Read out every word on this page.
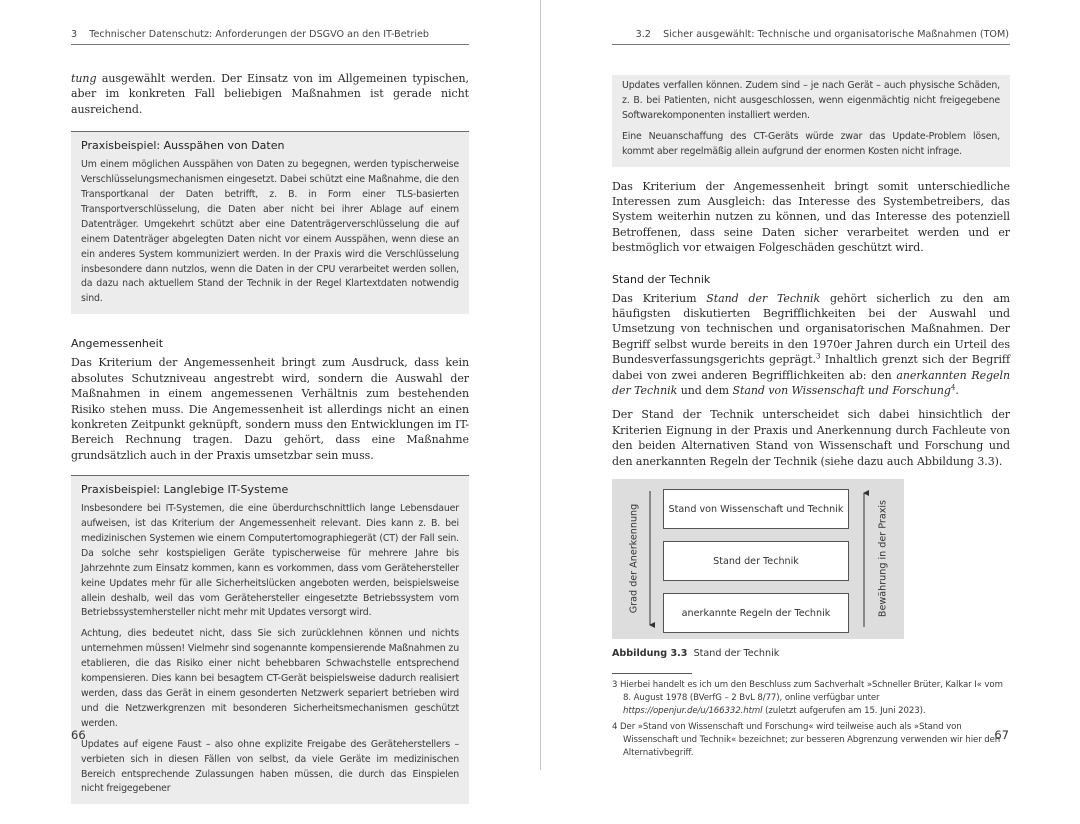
3    Technischer Datenschutz: Anforderungen der DSGVO an den IT-Betrieb

tung ausgewählt werden. Der Einsatz von im Allgemeinen typischen, aber im konkreten Fall beliebigen Maßnahmen ist gerade nicht ausreichend.

Praxisbeispiel: Ausspähen von Daten

Um einem möglichen Ausspähen von Daten zu begegnen, werden typischerweise Verschlüsselungsmechanismen eingesetzt. Dabei schützt eine Maßnahme, die den Transportkanal der Daten betrifft, z. B. in Form einer TLS-basierten Transportverschlüsselung, die Daten aber nicht bei ihrer Ablage auf einem Datenträger. Umgekehrt schützt aber eine Datenträgerverschlüsselung die auf einem Datenträger abgelegten Daten nicht vor einem Ausspähen, wenn diese an ein anderes System kommuniziert werden. In der Praxis wird die Verschlüsselung insbesondere dann nutzlos, wenn die Daten in der CPU verarbeitet werden sollen, da dazu nach aktuellem Stand der Technik in der Regel Klartextdaten notwendig sind.

Angemessenheit

Das Kriterium der Angemessenheit bringt zum Ausdruck, dass kein absolutes Schutzniveau angestrebt wird, sondern die Auswahl der Maßnahmen in einem angemessenen Verhältnis zum bestehenden Risiko stehen muss. Die Angemessenheit ist allerdings nicht an einen konkreten Zeitpunkt geknüpft, sondern muss den Entwicklungen im IT-Bereich Rechnung tragen. Dazu gehört, dass eine Maßnahme grundsätzlich auch in der Praxis umsetzbar sein muss.

Praxisbeispiel: Langlebige IT-Systeme

Insbesondere bei IT-Systemen, die eine überdurchschnittlich lange Lebensdauer aufweisen, ist das Kriterium der Angemessenheit relevant. Dies kann z. B. bei medizinischen Systemen wie einem Computertomographiegerät (CT) der Fall sein. Da solche sehr kostspieligen Geräte typischerweise für mehrere Jahre bis Jahrzehnte zum Einsatz kommen, kann es vorkommen, dass vom Gerätehersteller keine Updates mehr für alle Sicherheitslücken angeboten werden, beispielsweise allein deshalb, weil das vom Gerätehersteller eingesetzte Betriebssystem vom Betriebssystemhersteller nicht mehr mit Updates versorgt wird.

Achtung, dies bedeutet nicht, dass Sie sich zurücklehnen können und nichts unternehmen müssen! Vielmehr sind sogenannte kompensierende Maßnahmen zu etablieren, die das Risiko einer nicht behebbaren Schwachstelle entsprechend kompensieren. Dies kann bei besagtem CT-Gerät beispielsweise dadurch realisiert werden, dass das Gerät in einem gesonderten Netzwerk separiert betrieben wird und die Netzwerkgrenzen mit besonderen Sicherheitsmechanismen geschützt werden.

Updates auf eigene Faust – also ohne explizite Freigabe des Geräteherstellers – verbieten sich in diesen Fällen von selbst, da viele Geräte im medizinischen Bereich entsprechende Zulassungen haben müssen, die durch das Einspielen nicht freigegebener

66
3.2    Sicher ausgewählt: Technische und organisatorische Maßnahmen (TOM)

Updates verfallen können. Zudem sind – je nach Gerät – auch physische Schäden, z. B. bei Patienten, nicht ausgeschlossen, wenn eigenmächtig nicht freigegebene Softwarekomponenten installiert werden.

Eine Neuanschaffung des CT-Geräts würde zwar das Update-Problem lösen, kommt aber regelmäßig allein aufgrund der enormen Kosten nicht infrage.

Das Kriterium der Angemessenheit bringt somit unterschiedliche Interessen zum Ausgleich: das Interesse des Systembetreibers, das System weiterhin nutzen zu können, und das Interesse des potenziell Betroffenen, dass seine Daten sicher verarbeitet werden und er bestmöglich vor etwaigen Folgeschäden geschützt wird.

Stand der Technik

Das Kriterium Stand der Technik gehört sicherlich zu den am häufigsten diskutierten Begrifflichkeiten bei der Auswahl und Umsetzung von technischen und organisatorischen Maßnahmen. Der Begriff selbst wurde bereits in den 1970er Jahren durch ein Urteil des Bundesverfassungsgerichts geprägt.$^3$ Inhaltlich grenzt sich der Begriff dabei von zwei anderen Begrifflichkeiten ab: den anerkannten Regeln der Technik und dem Stand von Wissenschaft und Forschung$^4$.

Der Stand der Technik unterscheidet sich dabei hinsichtlich der Kriterien Eignung in der Praxis und Anerkennung durch Fachleute von den beiden Alternativen Stand von Wissenschaft und Forschung und den anerkannten Regeln der Technik (siehe dazu auch Abbildung 3.3).

Stand von Wissenschaft und Technik
Stand der Technik
anerkannte Regeln der Technik
Grad der Anerkennung	Bewährung in der Praxis
Abbildung 3.3 Stand der Technik

3 Hierbei handelt es ich um den Beschluss zum Sachverhalt »Schneller Brüter, Kalkar I« vom 8. August 1978 (BVerfG – 2 BvL 8/77), online verfügbar unter https://openjur.de/u/166332.html (zuletzt aufgerufen am 15. Juni 2023).

4 Der »Stand von Wissenschaft und Forschung« wird teilweise auch als »Stand von Wissenschaft und Technik« bezeichnet; zur besseren Abgrenzung verwenden wir hier den Alternativbegriff.

67
